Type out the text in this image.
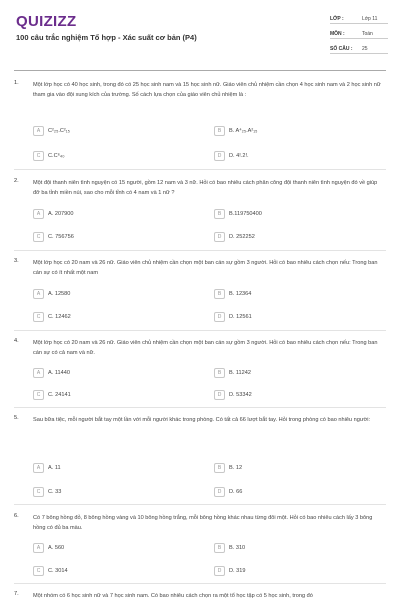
QUIZIZZ
100 câu trắc nghiệm Tổ hợp - Xác suất cơ bản (P4)
LỚP :	Lớp 11
MÔN :	Toán
SỐ CÂU : 25
1.	Một lớp học có 40 học sinh, trong đó có 25 học sinh nam và 15 học sinh nữ. Giáo viên chủ nhiệm cần chọn 4 học sinh nam và 2 học sinh nữ tham gia vào đội xung kích của trường. Số cách lựa chọn của giáo viên chủ nhiệm là :
A	C²₂₅.C²₁₅	B	B. A⁴₂₅.A²₁₅
C	C.C⁶₄₀	D	D. 4!.2!.
2.	Một đội thanh niên tình nguyện có 15 người, gồm 12 nam và 3 nữ. Hỏi có bao nhiêu cách phân công đội thanh niên tình nguyện đó về giúp đỡ ba tỉnh miền núi, sao cho mỗi tỉnh có 4 nam và 1 nữ ?
A	A. 207900	B	B.119750400
C	C. 756756	D	D. 252252
3.	Một lớp học có 20 nam và 26 nữ. Giáo viên chủ nhiệm cần chọn một ban cán sự gồm 3 người. Hỏi có bao nhiêu cách chọn nếu: Trong ban cán sự có ít nhất một nam
A	A. 12580	B	B. 12364
C	C. 12462	D	D. 12561
4.	Một lớp học có 20 nam và 26 nữ. Giáo viên chủ nhiệm cần chọn một ban cán sự gồm 3 người. Hỏi có bao nhiêu cách chọn nếu: Trong ban cán sự có cả nam và nữ.
A	A. 11440	B	B. 11242
C	C. 24141	D	D. 53342
5.	Sau bữa tiệc, mỗi người bắt tay một lần với mỗi người khác trong phòng. Có tất cả 66 lượt bắt tay. Hỏi trong phòng có bao nhiêu người:
A	A. 11	B	B. 12
C	C. 33	D	D. 66
6.	Có 7 bông hồng đỏ, 8 bông hồng vàng và 10 bông hồng trắng, mỗi bông hồng khác nhau từng đôi một. Hỏi có bao nhiêu cách lấy 3 bông hồng có đủ ba màu.
A	A. 560	B	B. 310
C	C. 3014	D	D. 319
7.	Một nhóm có 6 học sinh nữ và 7 học sinh nam. Có bao nhiêu cách chọn ra một tổ học tập có 5 học sinh, trong đó
